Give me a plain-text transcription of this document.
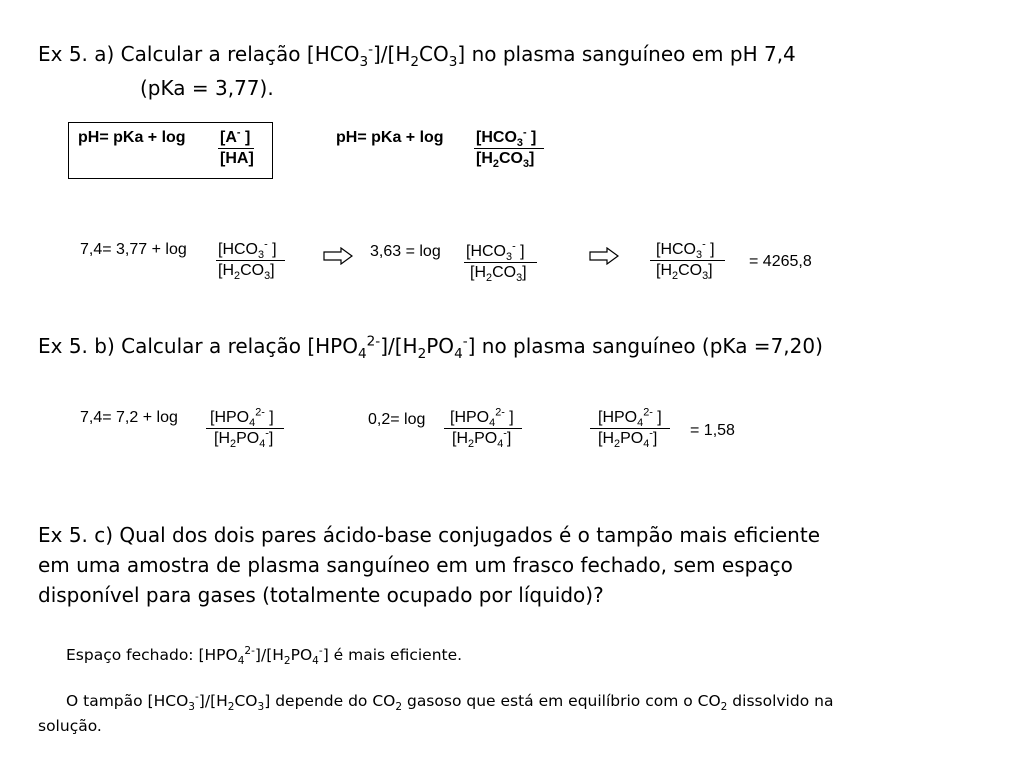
Ex 5. a) Calcular a relação $[HCO_3^-]/[H_2CO_3]$ no plasma sanguíneo em pH 7,4
(pKa = 3,77).
pH= pKa + $\log \frac{[A^- ]}{[HA]}$	pH= pKa + $\log [HCO_3^-$ ]
$[H_2CO_3]$
$7,4= 3,77 + \log [HCO_3^-$ ]
$[H_2CO_3]$
$3,63 = \log [HCO_3^-$ ]
$[H_2CO_3]$
[$HCO_3^-$ ]
$[H_2CO_3]$
= 4265,8
Ex 5. b) Calcular a relação $[HPO_4^{2-}]/[H_2PO_4^-]$ no plasma sanguíneo (pKa =7,20)
$7,4= 7,2 + \log [HPO_4^{2-}$ ]
$[H_2PO_4^-]$
0,2= log	[$HPO_4^{2-}$ ]
$[H_2PO_4^-]$
[$HPO_4^{2-}$ ]
$[H_2PO_4^-]$	= 1,58
Ex 5. c) Qual dos dois pares ácido-base conjugados é o tampão mais eficiente
em uma amostra de plasma sanguíneo em um frasco fechado, sem espaço
disponível para gases (totalmente ocupado por líquido)?
Espaço fechado: $[HPO_4^{2-}]/[H_2PO_4^-]$ é mais eficiente.
O tampão $[HCO_3^-]/[H_2CO_3]$ depende do $CO_2$ gasoso que está em equilíbrio com o $CO_2$ dissolvido na
solução.
